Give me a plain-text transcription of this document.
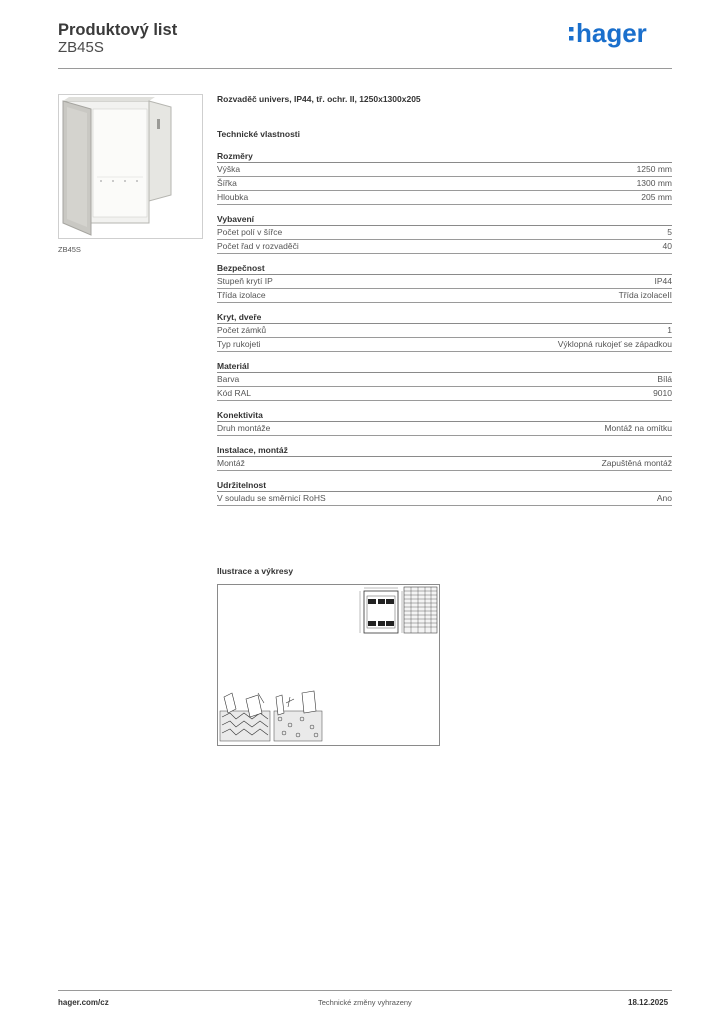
Produktový list
ZB45S	hager
ZB45S
Rozvaděč univers, IP44, tř. ochr. II, 1250x1300x205
Technické vlastnosti
Rozměry
Výška	1250 mm
Šířka	1300 mm
Hloubka	205 mm
Vybavení
Počet polí v šířce	5
Počet řad v rozvaděči	40
Bezpečnost
Stupeň krytí IP	IP44
Třída izolace	Třída izolaceII
Kryt, dveře
Počet zámků	1
Typ rukojeti	Výklopná rukojeť se západkou
Materiál
Barva	Bílá
Kód RAL	9010
Konektivita
Druh montáže	Montáž na omítku
Instalace, montáž
Montáž	Zapuštěná montáž
Udržitelnost
V souladu se směrnicí RoHS	Ano
Ilustrace a výkresy
hager.com/cz	Technické změny vyhrazeny	18.12.2025
